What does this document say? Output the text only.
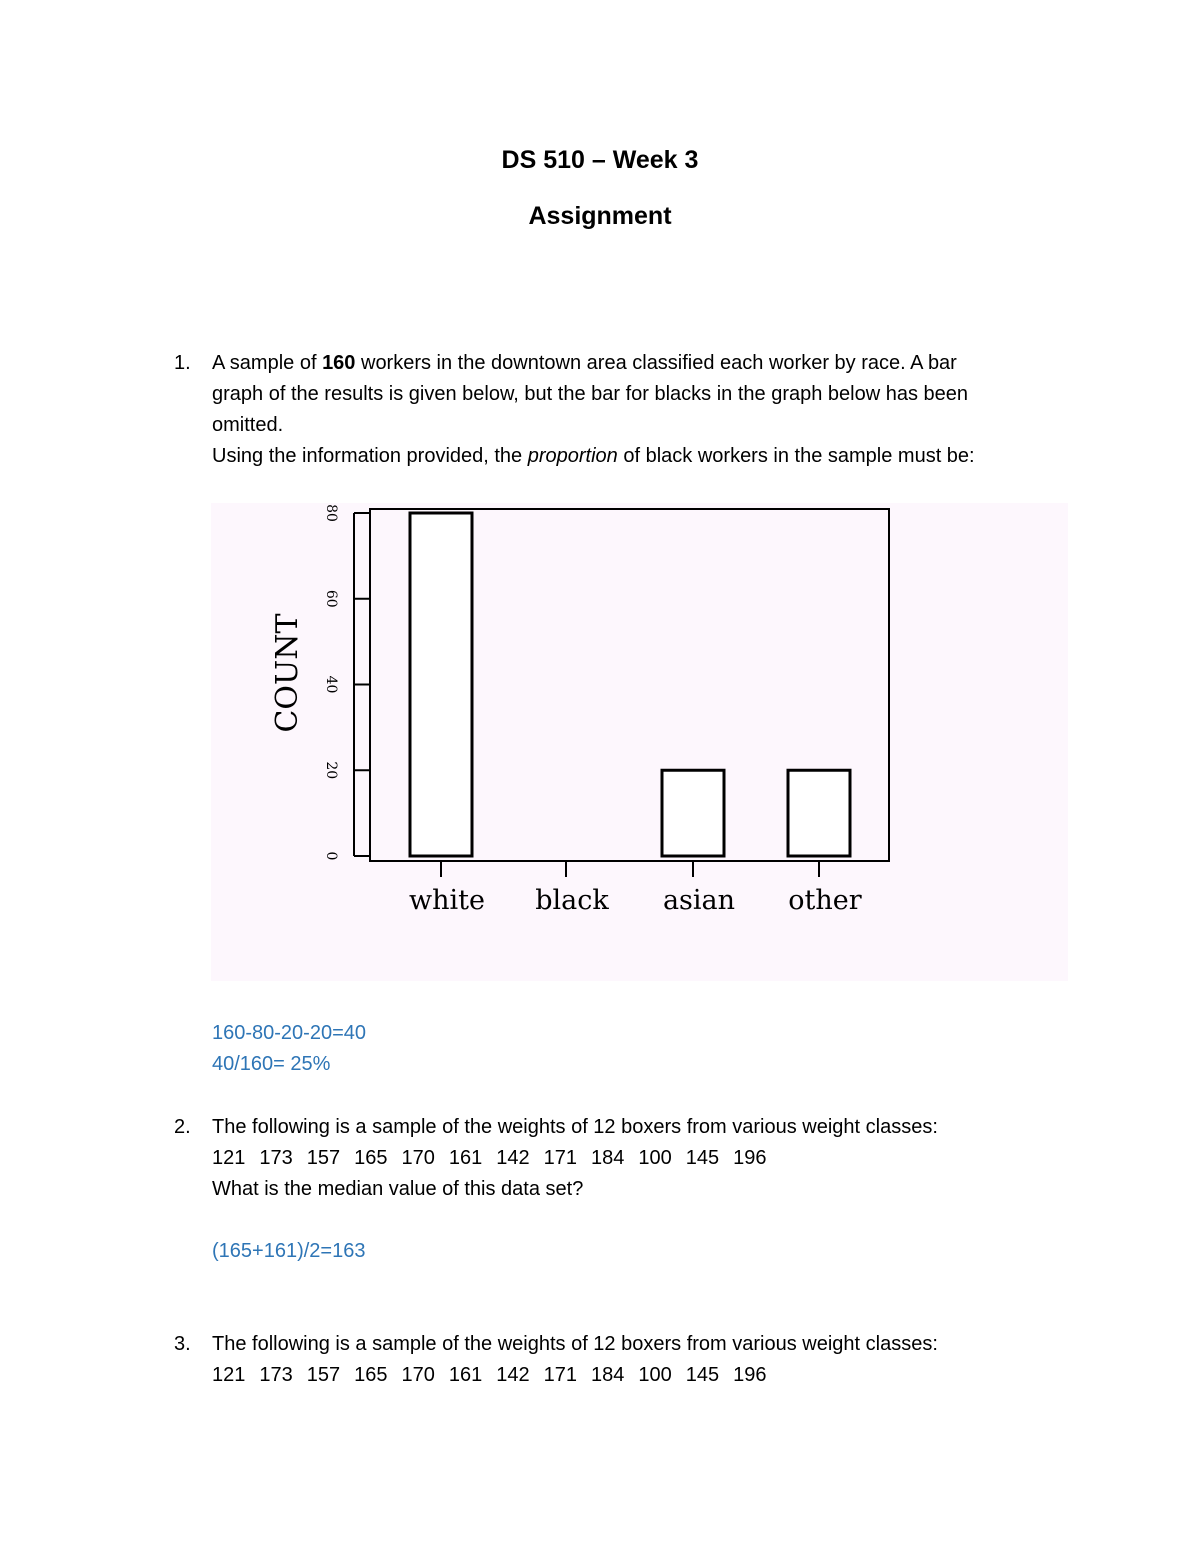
DS 510 – Week 3
Assignment
1. A sample of 160 workers in the downtown area classified each worker by race. A bar
graph of the results is given below, but the bar for blacks in the graph below has been
omitted.
Using the information provided, the proportion of black workers in the sample must be:
COUNT
0
20
40
60
80
white black asian other
160-80-20-20=40
40/160= 25%
2. The following is a sample of the weights of 12 boxers from various weight classes:
121 173 157 165 170 161 142 171 184 100 145 196
What is the median value of this data set?
(165+161)/2=163
3. The following is a sample of the weights of 12 boxers from various weight classes:
121 173 157 165 170 161 142 171 184 100 145 196
